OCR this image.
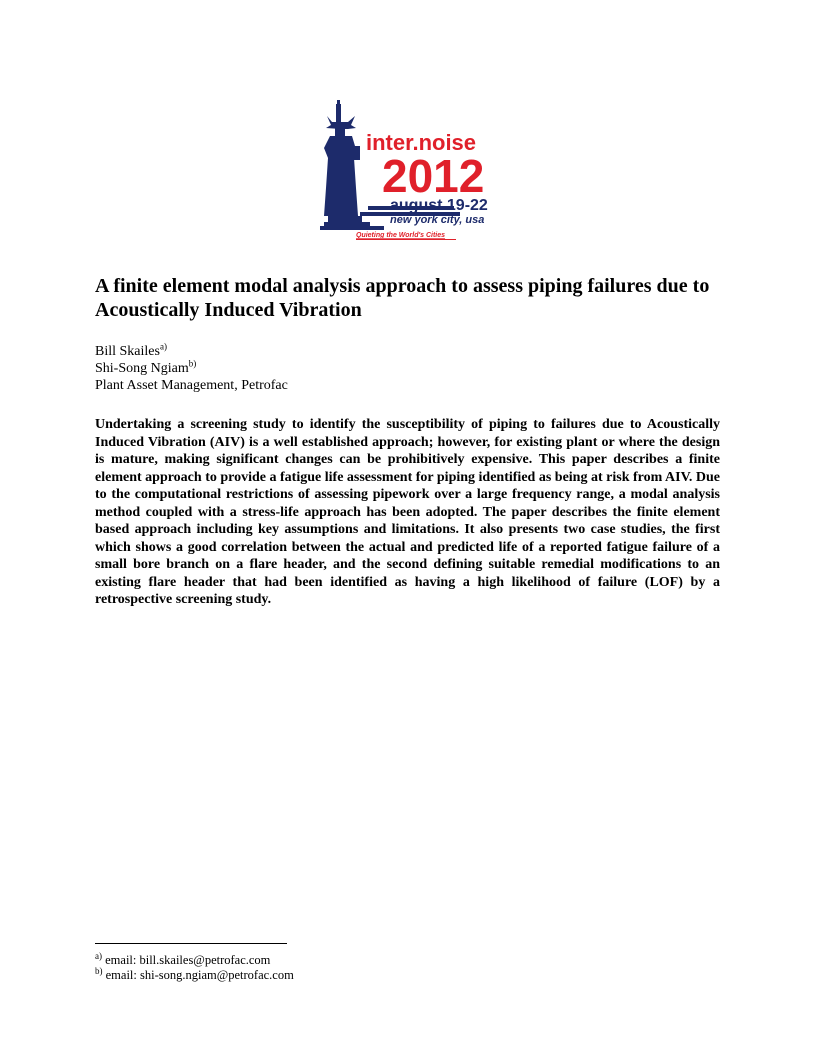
inter.noise
2012
august 19-22
new york city, usa
Quieting the World's Cities
A finite element modal analysis approach to assess piping failures due to Acoustically Induced Vibration
Bill Skailes$^{a)}$
Shi-Song Ngiam$^{b)}$
Plant Asset Management, Petrofac

Undertaking a screening study to identify the susceptibility of piping to failures due to Acoustically Induced Vibration (AIV) is a well established approach; however, for existing plant or where the design is mature, making significant changes can be prohibitively expensive. This paper describes a finite element approach to provide a fatigue life assessment for piping identified as being at risk from AIV. Due to the computational restrictions of assessing pipework over a large frequency range, a modal analysis method coupled with a stress-life approach has been adopted. The paper describes the finite element based approach including key assumptions and limitations. It also presents two case studies, the first which shows a good correlation between the actual and predicted life of a reported fatigue failure of a small bore branch on a flare header, and the second defining suitable remedial modifications to an existing flare header that had been identified as having a high likelihood of failure (LOF) by a retrospective screening study.

$^{a)}$ email: bill.skailes@petrofac.com
$^{b)}$ email: shi-song.ngiam@petrofac.com
